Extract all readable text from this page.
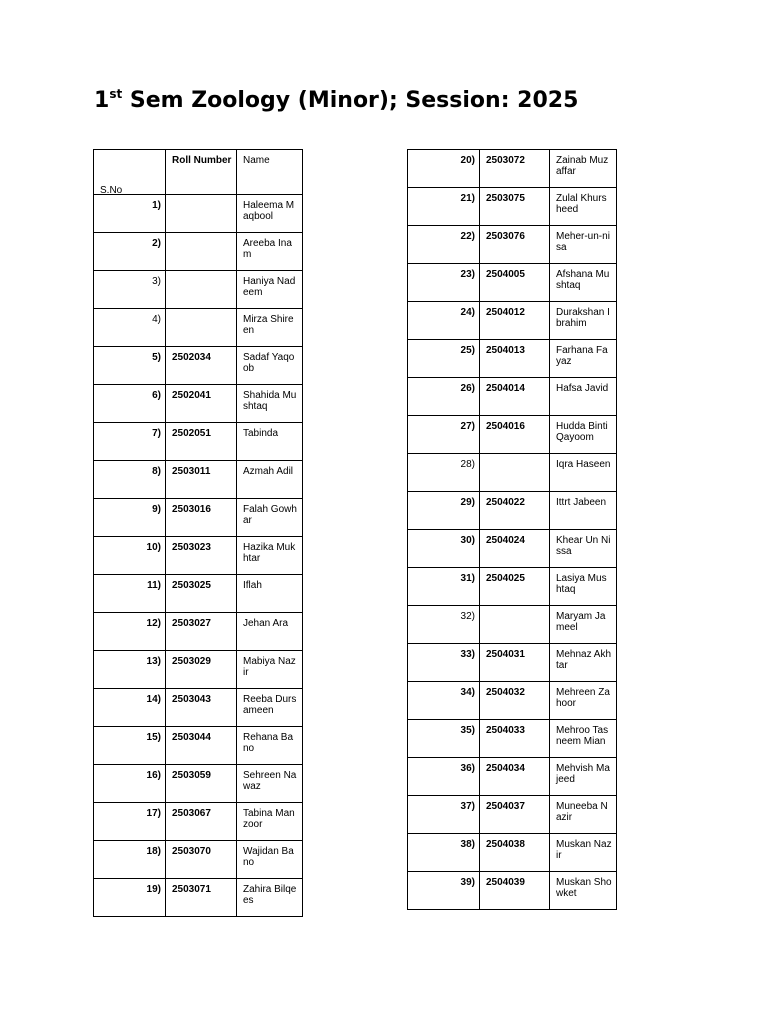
1st Sem Zoology (Minor); Session: 2025
S.No	Roll Number	Name
1)		Haleema Maqbool
2)		Areeba Inam
3)		Haniya Nadeem
4)		Mirza Shireen
5)	2502034	Sadaf Yaqoob
6)	2502041	Shahida Mushtaq
7)	2502051	Tabinda
8)	2503011	Azmah Adil
9)	2503016	Falah Gowhar
10)	2503023	Hazika Mukhtar
11)	2503025	Iflah
12)	2503027	Jehan Ara
13)	2503029	Mabiya Nazir
14)	2503043	Reeba Dursameen
15)	2503044	Rehana Bano
16)	2503059	Sehreen Nawaz
17)	2503067	Tabina Manzoor
18)	2503070	Wajidan Bano
19)	2503071	Zahira Bilqees
20)	2503072	Zainab Muzaffar
21)	2503075	Zulal Khursheed
22)	2503076	Meher-un-nisa
23)	2504005	Afshana Mushtaq
24)	2504012	Durakshan Ibrahim
25)	2504013	Farhana Fayaz
26)	2504014	Hafsa Javid
27)	2504016	Hudda Binti Qayoom
28)		Iqra Haseen
29)	2504022	Ittrt Jabeen
30)	2504024	Khear Un Nissa
31)	2504025	Lasiya Mushtaq
32)		Maryam Jameel
33)	2504031	Mehnaz Akhtar
34)	2504032	Mehreen Zahoor
35)	2504033	Mehroo Tasneem Mian
36)	2504034	Mehvish Majeed
37)	2504037	Muneeba Nazir
38)	2504038	Muskan Nazir
39)	2504039	Muskan Showket
